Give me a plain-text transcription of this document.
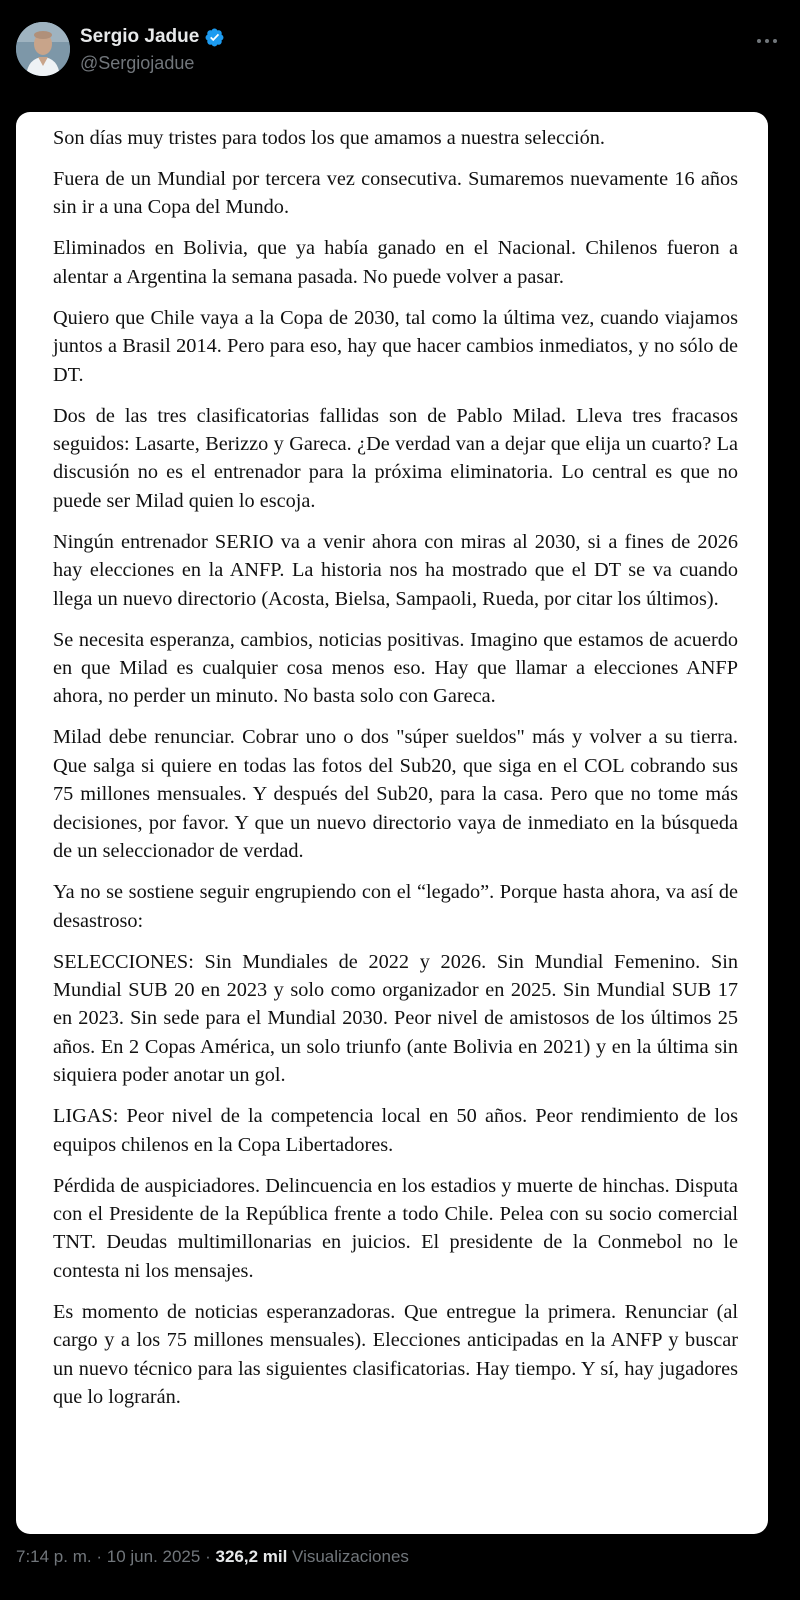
Sergio Jadue
@Sergiojadue

Son días muy tristes para todos los que amamos a nuestra selección.

Fuera de un Mundial por tercera vez consecutiva. Sumaremos nuevamente 16 años sin ir a una Copa del Mundo.

Eliminados en Bolivia, que ya había ganado en el Nacional. Chilenos fueron a alentar a Argentina la semana pasada. No puede volver a pasar.

Quiero que Chile vaya a la Copa de 2030, tal como la última vez, cuando viajamos juntos a Brasil 2014. Pero para eso, hay que hacer cambios inmediatos, y no sólo de DT.

Dos de las tres clasificatorias fallidas son de Pablo Milad. Lleva tres fracasos seguidos: Lasarte, Berizzo y Gareca. ¿De verdad van a dejar que elija un cuarto? La discusión no es el entrenador para la próxima eliminatoria. Lo central es que no puede ser Milad quien lo escoja.

Ningún entrenador SERIO va a venir ahora con miras al 2030, si a fines de 2026 hay elecciones en la ANFP. La historia nos ha mostrado que el DT se va cuando llega un nuevo directorio (Acosta, Bielsa, Sampaoli, Rueda, por citar los últimos).

Se necesita esperanza, cambios, noticias positivas. Imagino que estamos de acuerdo en que Milad es cualquier cosa menos eso. Hay que llamar a elecciones ANFP ahora, no perder un minuto. No basta solo con Gareca.

Milad debe renunciar. Cobrar uno o dos "súper sueldos" más y volver a su tierra. Que salga si quiere en todas las fotos del Sub20, que siga en el COL cobrando sus 75 millones mensuales. Y después del Sub20, para la casa. Pero que no tome más decisiones, por favor. Y que un nuevo directorio vaya de inmediato en la búsqueda de un seleccionador de verdad.

Ya no se sostiene seguir engrupiendo con el “legado”. Porque hasta ahora, va así de desastroso:

SELECCIONES: Sin Mundiales de 2022 y 2026. Sin Mundial Femenino. Sin Mundial SUB 20 en 2023 y solo como organizador en 2025. Sin Mundial SUB 17 en 2023. Sin sede para el Mundial 2030. Peor nivel de amistosos de los últimos 25 años. En 2 Copas América, un solo triunfo (ante Bolivia en 2021) y en la última sin siquiera poder anotar un gol.

LIGAS: Peor nivel de la competencia local en 50 años. Peor rendimiento de los equipos chilenos en la Copa Libertadores.

Pérdida de auspiciadores. Delincuencia en los estadios y muerte de hinchas. Disputa con el Presidente de la República frente a todo Chile. Pelea con su socio comercial TNT. Deudas multimillonarias en juicios. El presidente de la Conmebol no le contesta ni los mensajes.

Es momento de noticias esperanzadoras. Que entregue la primera. Renunciar (al cargo y a los 75 millones mensuales). Elecciones anticipadas en la ANFP y buscar un nuevo técnico para las siguientes clasificatorias. Hay tiempo. Y sí, hay jugadores que lo lograrán.

7:14 p. m. · 10 jun. 2025 · 326,2 mil Visualizaciones
